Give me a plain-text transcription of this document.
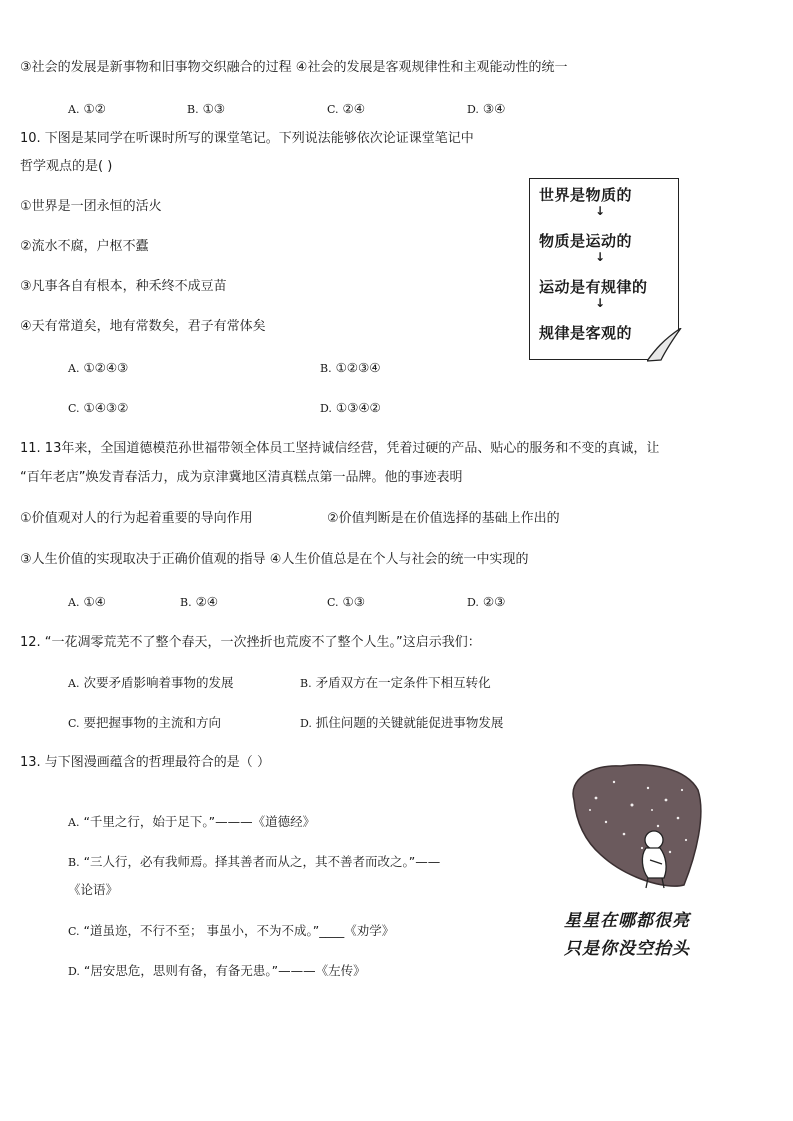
③社会的发展是新事物和旧事物交织融合的过程 ④社会的发展是客观规律性和主观能动性的统一
A. ①②	B. ①③	C. ②④	D. ③④
10. 下图是某同学在听课时所写的课堂笔记。下列说法能够依次论证课堂笔记中
哲学观点的是( )
①世界是一团永恒的活火
②流水不腐，户枢不蠹
③凡事各自有根本，种禾终不成豆苗
④天有常道矣，地有常数矣，君子有常体矣
A. ①②④③	B. ①②③④
C. ①④③②	D. ①③④②
世界是物质的
↓
物质是运动的
↓
运动是有规律的
↓
规律是客观的
11. 13年来，全国道德模范孙世福带领全体员工坚持诚信经营，凭着过硬的产品、贴心的服务和不变的真诚，让
“百年老店”焕发青春活力，成为京津冀地区清真糕点第一品牌。他的事迹表明
①价值观对人的行为起着重要的导向作用	②价值判断是在价值选择的基础上作出的
③人生价值的实现取决于正确价值观的指导 ④人生价值总是在个人与社会的统一中实现的
A. ①④	B. ②④	C. ①③	D. ②③
12. “一花凋零荒芜不了整个春天，一次挫折也荒废不了整个人生。”这启示我们：
A. 次要矛盾影响着事物的发展	B. 矛盾双方在一定条件下相互转化
C. 要把握事物的主流和方向	D. 抓住问题的关键就能促进事物发展
13. 与下图漫画蕴含的哲理最符合的是（ ）
A. “千里之行，始于足下。”———《道德经》
B. “三人行，必有我师焉。择其善者而从之，其不善者而改之。”——
《论语》
C. “道虽迩，不行不至； 事虽小，不为不成。”____《劝学》
D. “居安思危，思则有备，有备无患。”———《左传》
星星在哪都很亮
只是你没空抬头
